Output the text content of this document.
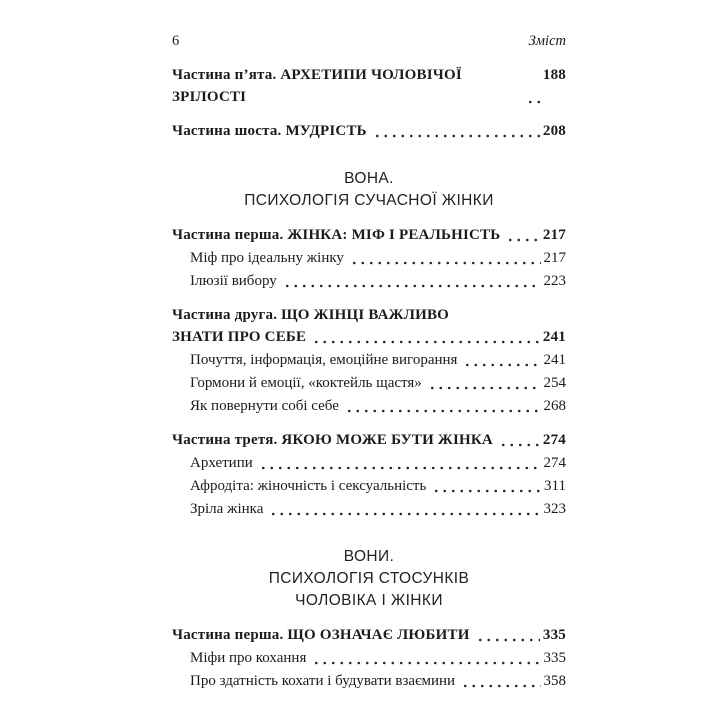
6	Зміст
Частина п’ята. АРХЕТИПИ ЧОЛОВІЧОЇ ЗРІЛОСТІ
188
Частина шоста. МУДРІСТЬ	208
ВОНА.
ПСИХОЛОГІЯ СУЧАСНОЇ ЖІНКИ
Частина перша. ЖІНКА: МІФ І РЕАЛЬНІСТЬ	217
Міф про ідеальну жінку	217
Ілюзії вибору	223
Частина друга. ЩО ЖІНЦІ ВАЖЛИВО
ЗНАТИ ПРО СЕБЕ	241
Почуття, інформація, емоційне вигорання	241
Гормони й емоції, «коктейль щастя»	254
Як повернути собі себе	268
Частина третя. ЯКОЮ МОЖЕ БУТИ ЖІНКА	274
Архетипи	274
Афродіта: жіночність і сексуальність	311
Зріла жінка	323
ВОНИ.
ПСИХОЛОГІЯ СТОСУНКІВ
ЧОЛОВІКА І ЖІНКИ
Частина перша. ЩО ОЗНАЧАЄ ЛЮБИТИ	335
Міфи про кохання	335
Про здатність кохати і будувати взаємини	358
